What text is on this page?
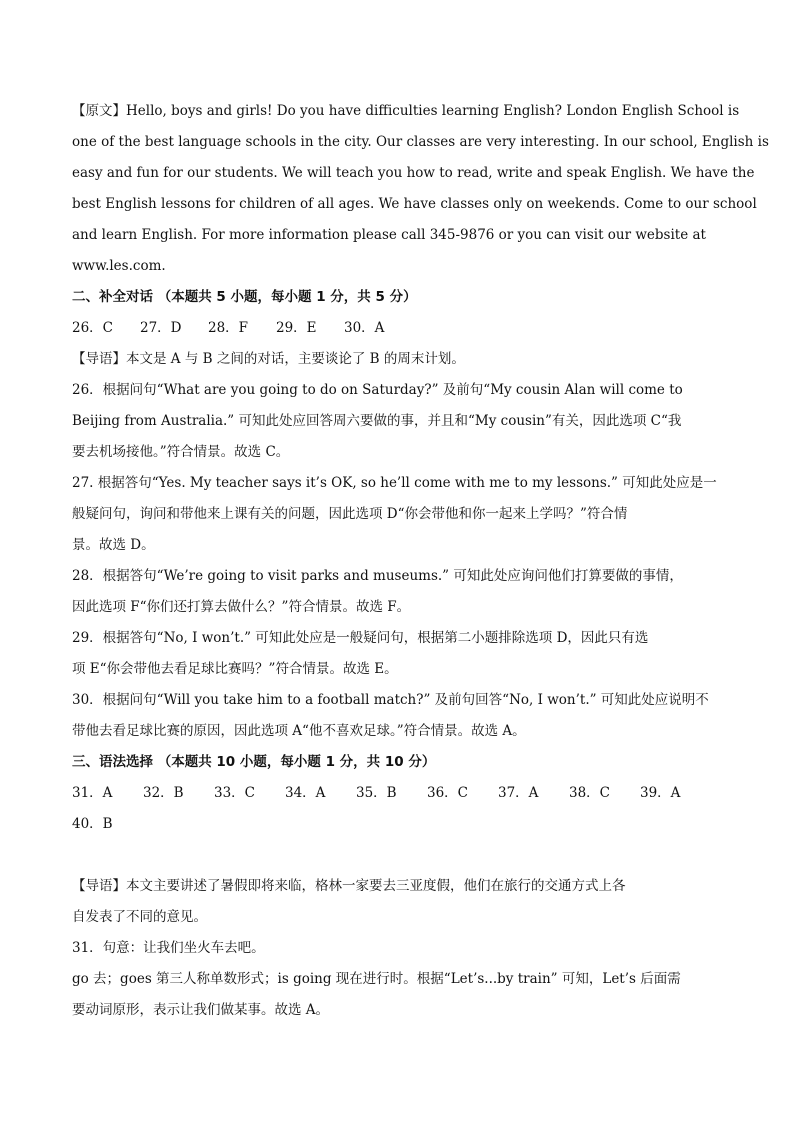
【原文】Hello, boys and girls! Do you have difficulties learning English? London English School is
one of the best language schools in the city. Our classes are very interesting. In our school, English is
easy and fun for our students. We will teach you how to read, write and speak English. We have the
best English lessons for children of all ages. We have classes only on weekends. Come to our school
and learn English. For more information please call 345-9876 or you can visit our website at
www.les.com.
二、补全对话 （本题共 5 小题，每小题 1 分，共 5 分）
26．C	27．D	28．F	29．E	30．A
【导语】本文是 A 与 B 之间的对话，主要谈论了 B 的周末计划。
26．根据问句“What are you going to do on Saturday?” 及前句“My cousin Alan will come to
Beijing from Australia.” 可知此处应回答周六要做的事，并且和“My cousin”有关，因此选项 C“我
要去机场接他。”符合情景。故选 C。
27. 根据答句“Yes. My teacher says it’s OK, so he’ll come with me to my lessons.” 可知此处应是一
般疑问句，询问和带他来上课有关的问题，因此选项 D“你会带他和你一起来上学吗？”符合情
景。故选 D。
28．根据答句“We’re going to visit parks and museums.” 可知此处应询问他们打算要做的事情，
因此选项 F“你们还打算去做什么？”符合情景。故选 F。
29．根据答句“No, I won’t.” 可知此处应是一般疑问句，根据第二小题排除选项 D，因此只有选
项 E“你会带他去看足球比赛吗？”符合情景。故选 E。
30．根据问句“Will you take him to a football match?” 及前句回答“No, I won’t.” 可知此处应说明不
带他去看足球比赛的原因，因此选项 A“他不喜欢足球。”符合情景。故选 A。
三、语法选择 （本题共 10 小题，每小题 1 分，共 10 分）
31．A	32．B	33．C	34．A	35．B	36．C	37．A	38．C	39．A
40．B
【导语】本文主要讲述了暑假即将来临，格林一家要去三亚度假，他们在旅行的交通方式上各
自发表了不同的意见。
31．句意：让我们坐火车去吧。
go 去；goes 第三人称单数形式；is going 现在进行时。根据“Let’s...by train” 可知，Let’s 后面需
要动词原形，表示让我们做某事。故选 A。
